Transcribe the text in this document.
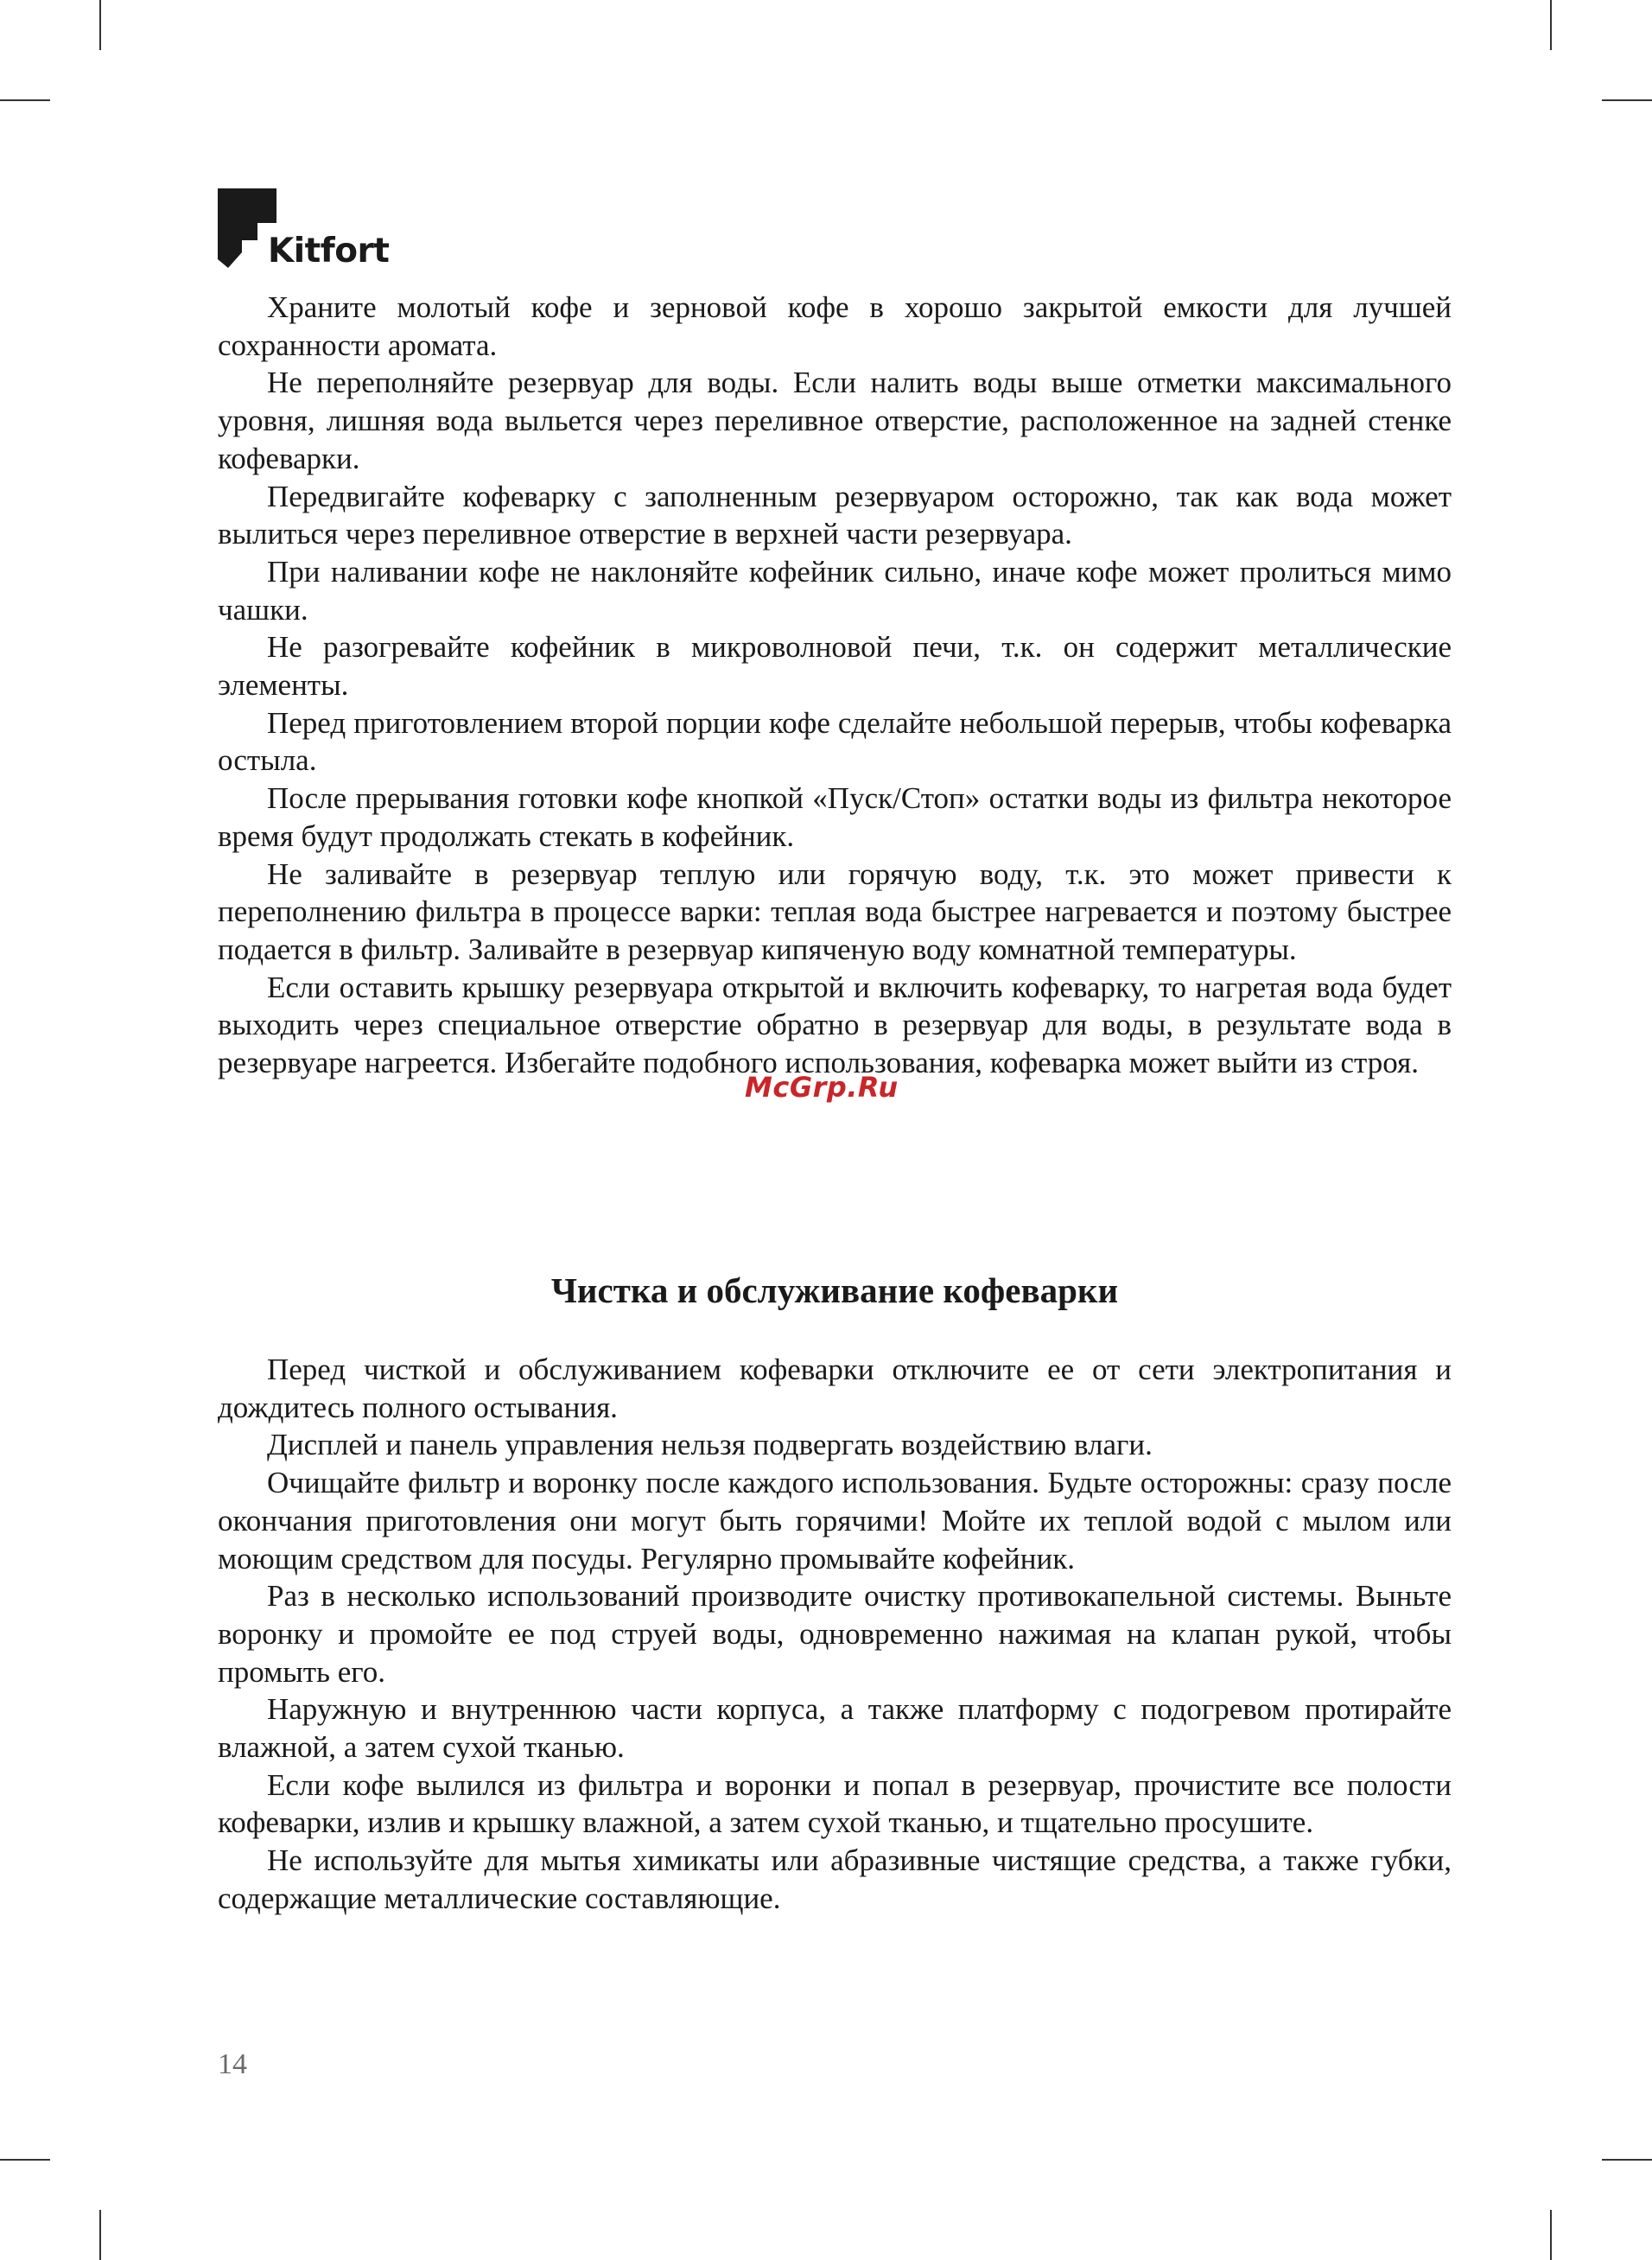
Kitfort

Храните молотый кофе и зерновой кофе в хорошо закрытой емкости для лучшей сохранности аромата.

Не переполняйте резервуар для воды. Если налить воды выше отметки максимального уровня, лишняя вода выльется через переливное отверстие, расположенное на задней стенке кофеварки.

Передвигайте кофеварку с заполненным резервуаром осторожно, так как вода может вылиться через переливное отверстие в верхней части резервуара.

При наливании кофе не наклоняйте кофейник сильно, иначе кофе может пролиться мимо чашки.

Не разогревайте кофейник в микроволновой печи, т.к. он содержит металлические элементы.

Перед приготовлением второй порции кофе сделайте небольшой перерыв, чтобы кофеварка остыла.

После прерывания готовки кофе кнопкой «Пуск/Стоп» остатки воды из фильтра некоторое время будут продолжать стекать в кофейник.

Не заливайте в резервуар теплую или горячую воду, т.к. это может привести к переполнению фильтра в процессе варки: теплая вода быстрее нагревается и поэтому быстрее подается в фильтр. Заливайте в резервуар кипяченую воду комнатной температуры.

Если оставить крышку резервуара открытой и включить кофеварку, то нагретая вода будет выходить через специальное отверстие обратно в резервуар для воды, в результате вода в резервуаре нагреется. Избегайте подобного использования, кофеварка может выйти из строя.

McGrp.Ru
Чистка и обслуживание кофеварки

Перед чисткой и обслуживанием кофеварки отключите ее от сети электропитания и дождитесь полного остывания.

Дисплей и панель управления нельзя подвергать воздействию влаги.

Очищайте фильтр и воронку после каждого использования. Будьте осторожны: сразу после окончания приготовления они могут быть горячими! Мойте их теплой водой с мылом или моющим средством для посуды. Регулярно промывайте кофейник.

Раз в несколько использований производите очистку противокапельной системы. Выньте воронку и промойте ее под струей воды, одновременно нажимая на клапан рукой, чтобы промыть его.

Наружную и внутреннюю части корпуса, а также платформу с подогревом протирайте влажной, а затем сухой тканью.

Если кофе вылился из фильтра и воронки и попал в резервуар, прочистите все полости кофеварки, излив и крышку влажной, а затем сухой тканью, и тщательно просушите.

Не используйте для мытья химикаты или абразивные чистящие средства, а также губки, содержащие металлические составляющие.

14
